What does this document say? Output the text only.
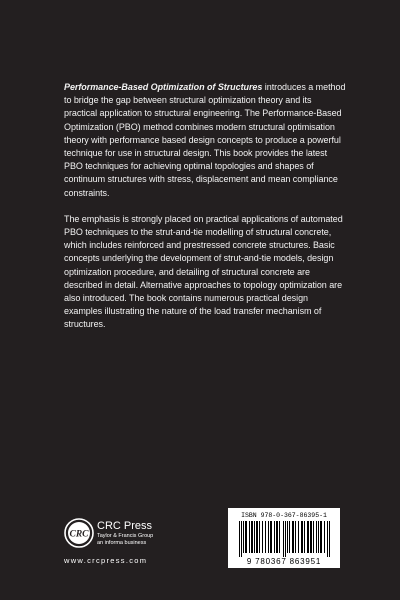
Performance-Based Optimization of Structures introduces a method to bridge the gap between structural optimization theory and its practical application to structural engineering. The Performance-Based Optimization (PBO) method combines modern structural optimisation theory with performance based design concepts to produce a powerful technique for use in structural design. This book provides the latest PBO techniques for achieving optimal topologies and shapes of continuum structures with stress, displacement and mean compliance constraints.

The emphasis is strongly placed on practical applications of automated PBO techniques to the strut-and-tie modelling of structural concrete, which includes reinforced and prestressed concrete structures. Basic concepts underlying the development of strut-and-tie models, design optimization procedure, and detailing of structural concrete are described in detail. Alternative approaches to topology optimization are also introduced. The book contains numerous practical design examples illustrating the nature of the load transfer mechanism of structures.

CRC
CRC Press
Taylor & Francis Group
an informa business
www.crcpress.com
ISBN 978-0-367-86395-1
9 780367 863951
